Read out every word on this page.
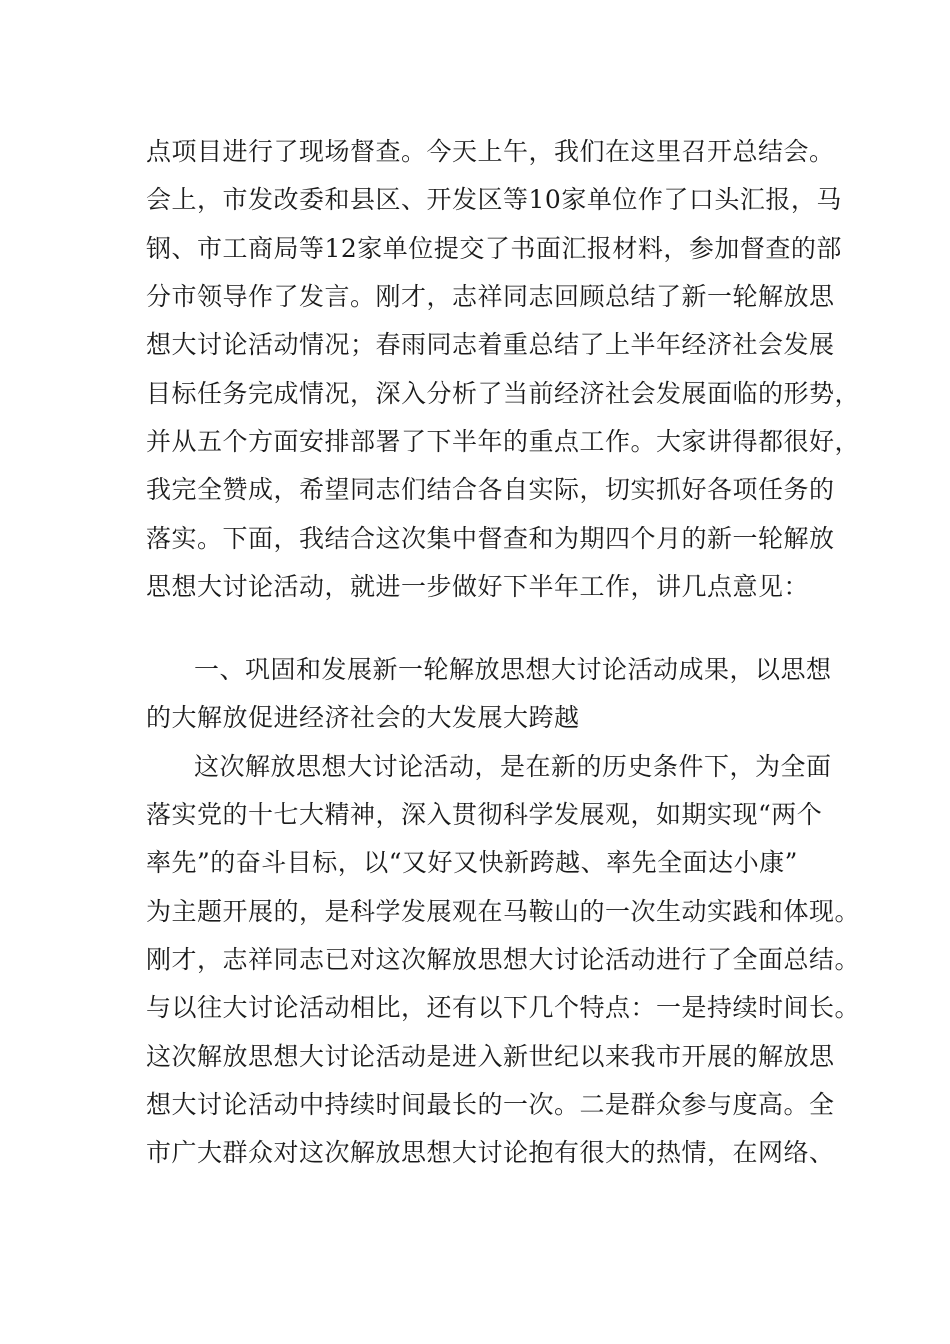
点项目进行了现场督查。今天上午，我们在这里召开总结会。
会上，市发改委和县区、开发区等10家单位作了口头汇报，马
钢、市工商局等12家单位提交了书面汇报材料，参加督查的部
分市领导作了发言。刚才，志祥同志回顾总结了新一轮解放思
想大讨论活动情况；春雨同志着重总结了上半年经济社会发展
目标任务完成情况，深入分析了当前经济社会发展面临的形势，
并从五个方面安排部署了下半年的重点工作。大家讲得都很好，
我完全赞成，希望同志们结合各自实际，切实抓好各项任务的
落实。下面，我结合这次集中督查和为期四个月的新一轮解放
思想大讨论活动，就进一步做好下半年工作，讲几点意见：
一、巩固和发展新一轮解放思想大讨论活动成果，以思想
的大解放促进经济社会的大发展大跨越
这次解放思想大讨论活动，是在新的历史条件下，为全面
落实党的十七大精神，深入贯彻科学发展观，如期实现“两个
率先”的奋斗目标，以“又好又快新跨越、率先全面达小康”
为主题开展的，是科学发展观在马鞍山的一次生动实践和体现。
刚才，志祥同志已对这次解放思想大讨论活动进行了全面总结。
与以往大讨论活动相比，还有以下几个特点：一是持续时间长。
这次解放思想大讨论活动是进入新世纪以来我市开展的解放思
想大讨论活动中持续时间最长的一次。二是群众参与度高。全
市广大群众对这次解放思想大讨论抱有很大的热情，在网络、
